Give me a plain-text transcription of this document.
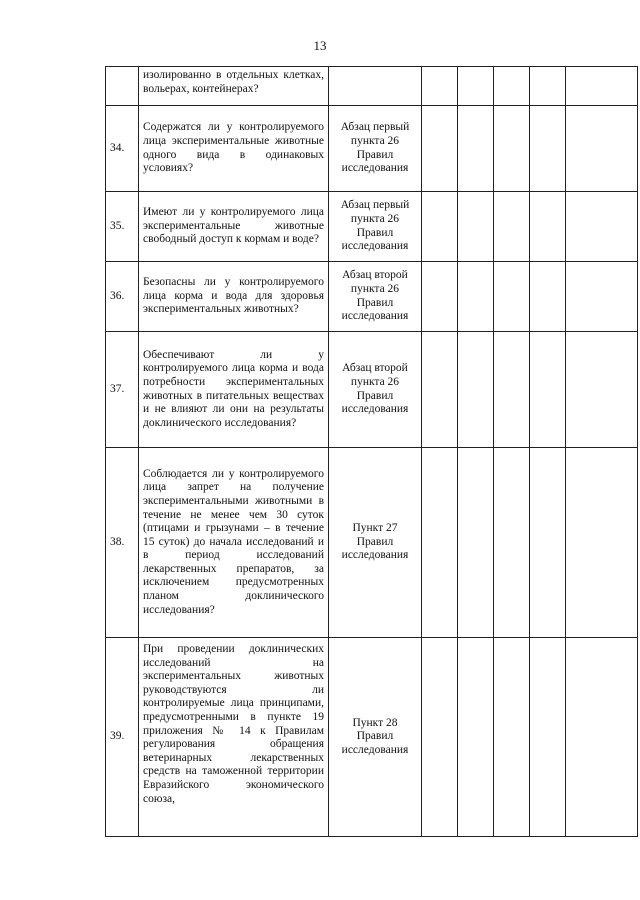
13
	изолированно в отдельных клетках, вольерах, контейнерах?						
34.	Содержатся ли у контролируемого лица экспериментальные животные одного вида в одинаковых условиях?	Абзац первый пункта 26 Правил исследования					
35.	Имеют ли у контролируемого лица экспериментальные животные свободный доступ к кормам и воде?	Абзац первый пункта 26 Правил исследования					
36.	Безопасны ли у контролируемого лица корма и вода для здоровья экспериментальных животных?	Абзац второй пункта 26 Правил исследования					
37.	Обеспечивают ли у контролируемого лица корма и вода потребности экспериментальных животных в питательных веществах и не влияют ли они на результаты доклинического исследования?	Абзац второй пункта 26 Правил исследования					
38.	Соблюдается ли у контролируемого лица запрет на получение экспериментальными животными в течение не менее чем 30 суток (птицами и грызунами – в течение 15 суток) до начала исследований и в период исследований лекарственных препаратов, за исключением предусмотренных планом доклинического исследования?	Пункт 27 Правил исследования					
39.	При проведении доклинических исследований на экспериментальных животных руководствуются ли контролируемые лица принципами, предусмотренными в пункте 19 приложения № 14 к Правилам регулирования обращения ветеринарных лекарственных средств на таможенной территории Евразийского экономического союза,	Пункт 28 Правил исследования					
